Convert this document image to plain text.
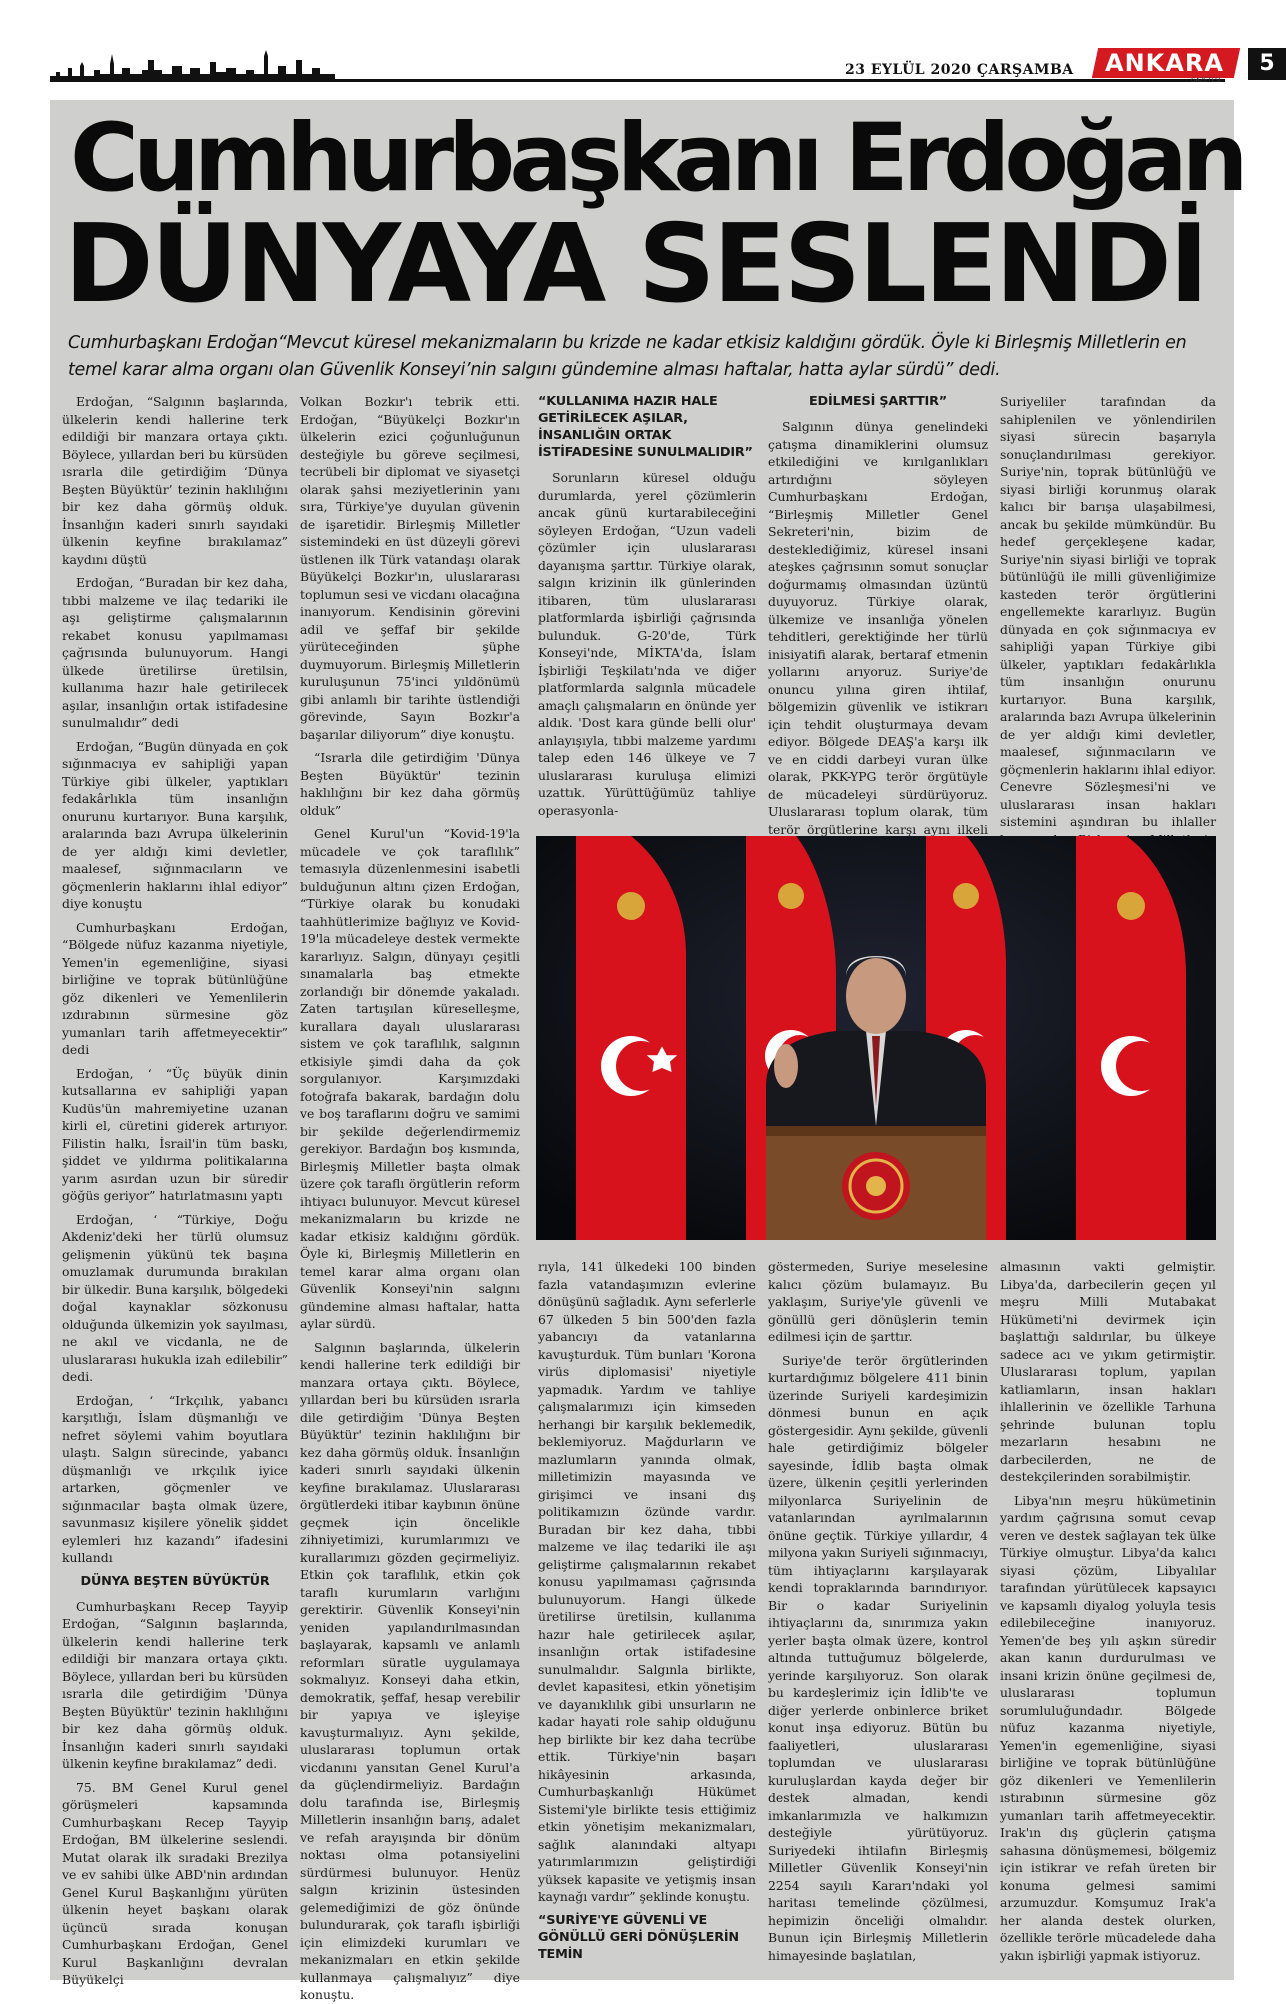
23 EYLÜL 2020 ÇARŞAMBA ANKARA
GAZETESİ
5
Cumhurbaşkanı Erdoğan
DÜNYAYA SESLENDİ
Cumhurbaşkanı Erdoğan“Mevcut küresel mekanizmaların bu krizde ne kadar etkisiz kaldığını gördük. Öyle ki Birleşmiş Milletlerin en temel karar alma organı olan Güvenlik Konseyi’nin salgını gündemine alması haftalar, hatta aylar sürdü” dedi.

Erdoğan, “Salgının başlarında, ülkelerin kendi hallerine terk edildiği bir manzara ortaya çıktı. Böylece, yıllardan beri bu kürsüden ısrarla dile getirdiğim ‘Dünya Beşten Büyüktür’ tezinin haklılığını bir kez daha görmüş olduk. İnsanlığın kaderi sınırlı sayıdaki ülkenin keyfine bırakılamaz” kaydını düştü

Erdoğan, “Buradan bir kez daha, tıbbi malzeme ve ilaç tedariki ile aşı geliştirme çalışmalarının rekabet konusu yapılmaması çağrısında bulunuyorum. Hangi ülkede üretilirse üretilsin, kullanıma hazır hale getirilecek aşılar, insanlığın ortak istifadesine sunulmalıdır” dedi

Erdoğan, “Bugün dünyada en çok sığınmacıya ev sahipliği yapan Türkiye gibi ülkeler, yaptıkları fedakârlıkla tüm insanlığın onurunu kurtarıyor. Buna karşılık, aralarında bazı Avrupa ülkelerinin de yer aldığı kimi devletler, maalesef, sığınmacıların ve göçmenlerin haklarını ihlal ediyor” diye konuştu

Cumhurbaşkanı Erdoğan, “Bölgede nüfuz kazanma niyetiyle, Yemen'in egemenliğine, siyasi birliğine ve toprak bütünlüğüne göz dikenleri ve Yemenlilerin ızdırabının sürmesine göz yumanları tarih affetmeyecektir” dedi

Erdoğan, ‘ “Üç büyük dinin kutsallarına ev sahipliği yapan Kudüs'ün mahremiyetine uzanan kirli el, cüretini giderek artırıyor. Filistin halkı, İsrail'in tüm baskı, şiddet ve yıldırma politikalarına yarım asırdan uzun bir süredir göğüs geriyor” hatırlatmasını yaptı

Erdoğan, ‘ “Türkiye, Doğu Akdeniz'deki her türlü olumsuz gelişmenin yükünü tek başına omuzlamak durumunda bırakılan bir ülkedir. Buna karşılık, bölgedeki doğal kaynaklar sözkonusu olduğunda ülkemizin yok sayılması, ne akıl ve vicdanla, ne de uluslararası hukukla izah edilebilir” dedi.

Erdoğan, ‘ “Irkçılık, yabancı karşıtlığı, İslam düşmanlığı ve nefret söylemi vahim boyutlara ulaştı. Salgın sürecinde, yabancı düşmanlığı ve ırkçılık iyice artarken, göçmenler ve sığınmacılar başta olmak üzere, savunmasız kişilere yönelik şiddet eylemleri hız kazandı” ifadesini kullandı

DÜNYA BEŞTEN BÜYÜKTÜR

Cumhurbaşkanı Recep Tayyip Erdoğan, “Salgının başlarında, ülkelerin kendi hallerine terk edildiği bir manzara ortaya çıktı. Böylece, yıllardan beri bu kürsüden ısrarla dile getirdiğim 'Dünya Beşten Büyüktür' tezinin haklılığını bir kez daha görmüş olduk. İnsanlığın kaderi sınırlı sayıdaki ülkenin keyfine bırakılamaz” dedi.

75. BM Genel Kurul genel görüşmeleri kapsamında Cumhurbaşkanı Recep Tayyip Erdoğan, BM ülkelerine seslendi. Mutat olarak ilk sıradaki Brezilya ve ev sahibi ülke ABD'nin ardından Genel Kurul Başkanlığını yürüten ülkenin heyet başkanı olarak üçüncü sırada konuşan Cumhurbaşkanı Erdoğan, Genel Kurul Başkanlığını devralan Büyükelçi

Volkan Bozkır'ı tebrik etti. Erdoğan, “Büyükelçi Bozkır'ın ülkelerin ezici çoğunluğunun desteğiyle bu göreve seçilmesi, tecrübeli bir diplomat ve siyasetçi olarak şahsi meziyetlerinin yanı sıra, Türkiye'ye duyulan güvenin de işaretidir. Birleşmiş Milletler sistemindeki en üst düzeyli görevi üstlenen ilk Türk vatandaşı olarak Büyükelçi Bozkır'ın, uluslararası toplumun sesi ve vicdanı olacağına inanıyorum. Kendisinin görevini adil ve şeffaf bir şekilde yürüteceğinden şüphe duymuyorum. Birleşmiş Milletlerin kuruluşunun 75'inci yıldönümü gibi anlamlı bir tarihte üstlendiği görevinde, Sayın Bozkır'a başarılar diliyorum” diye konuştu.

“Israrla dile getirdiğim 'Dünya Beşten Büyüktür' tezinin haklılığını bir kez daha görmüş olduk”

Genel Kurul'un “Kovid-19'la mücadele ve çok taraflılık” temasıyla düzenlenmesini isabetli bulduğunun altını çizen Erdoğan, “Türkiye olarak bu konudaki taahhütlerimize bağlıyız ve Kovid-19'la mücadeleye destek vermekte kararlıyız. Salgın, dünyayı çeşitli sınamalarla baş etmekte zorlandığı bir dönemde yakaladı. Zaten tartışılan küreselleşme, kurallara dayalı uluslararası sistem ve çok taraflılık, salgının etkisiyle şimdi daha da çok sorgulanıyor. Karşımızdaki fotoğrafa bakarak, bardağın dolu ve boş taraflarını doğru ve samimi bir şekilde değerlendirmemiz gerekiyor. Bardağın boş kısmında, Birleşmiş Milletler başta olmak üzere çok taraflı örgütlerin reform ihtiyacı bulunuyor. Mevcut küresel mekanizmaların bu krizde ne kadar etkisiz kaldığını gördük. Öyle ki, Birleşmiş Milletlerin en temel karar alma organı olan Güvenlik Konseyi'nin salgını gündemine alması haftalar, hatta aylar sürdü.

Salgının başlarında, ülkelerin kendi hallerine terk edildiği bir manzara ortaya çıktı. Böylece, yıllardan beri bu kürsüden ısrarla dile getirdiğim 'Dünya Beşten Büyüktür' tezinin haklılığını bir kez daha görmüş olduk. İnsanlığın kaderi sınırlı sayıdaki ülkenin keyfine bırakılamaz. Uluslararası örgütlerdeki itibar kaybının önüne geçmek için öncelikle zihniyetimizi, kurumlarımızı ve kurallarımızı gözden geçirmeliyiz. Etkin çok taraflılık, etkin çok taraflı kurumların varlığını gerektirir. Güvenlik Konseyi'nin yeniden yapılandırılmasından başlayarak, kapsamlı ve anlamlı reformları süratle uygulamaya sokmalıyız. Konseyi daha etkin, demokratik, şeffaf, hesap verebilir bir yapıya ve işleyişe kavuşturmalıyız. Aynı şekilde, uluslararası toplumun ortak vicdanını yansıtan Genel Kurul'a da güçlendirmeliyiz. Bardağın dolu tarafında ise, Birleşmiş Milletlerin insanlığın barış, adalet ve refah arayışında bir dönüm noktası olma potansiyelini sürdürmesi bulunuyor. Henüz salgın krizinin üstesinden gelemediğimizi de göz önünde bulundurarak, çok taraflı işbirliği için elimizdeki kurumları ve mekanizmaları en etkin şekilde kullanmaya çalışmalıyız” diye konuştu.

“KULLANIMA HAZIR HALE GETİRİLECEK AŞILAR, İNSANLIĞIN ORTAK İSTİFADESİNE SUNULMALIDIR”

Sorunların küresel olduğu durumlarda, yerel çözümlerin ancak günü kurtarabileceğini söyleyen Erdoğan, “Uzun vadeli çözümler için uluslararası dayanışma şarttır. Türkiye olarak, salgın krizinin ilk günlerinden itibaren, tüm uluslararası platformlarda işbirliği çağrısında bulunduk. G-20'de, Türk Konseyi'nde, MİKTA'da, İslam İşbirliği Teşkilatı'nda ve diğer platformlarda salgınla mücadele amaçlı çalışmaların en önünde yer aldık. 'Dost kara günde belli olur' anlayışıyla, tıbbi malzeme yardımı talep eden 146 ülkeye ve 7 uluslararası kuruluşa elimizi uzattık. Yürüttüğümüz tahliye operasyonla-

EDİLMESİ ŞARTTIR”

Salgının dünya genelindeki çatışma dinamiklerini olumsuz etkilediğini ve kırılganlıkları artırdığını söyleyen Cumhurbaşkanı Erdoğan, “Birleşmiş Milletler Genel Sekreteri'nin, bizim de desteklediğimiz, küresel insani ateşkes çağrısının somut sonuçlar doğurmamış olmasından üzüntü duyuyoruz. Türkiye olarak, ülkemize ve insanlığa yönelen tehditleri, gerektiğinde her türlü inisiyatifi alarak, bertaraf etmenin yollarını arıyoruz. Suriye'de onuncu yılına giren ihtilaf, bölgemizin güvenlik ve istikrarı için tehdit oluşturmaya devam ediyor. Bölgede DEAŞ'a karşı ilk ve en ciddi darbeyi vuran ülke olarak, PKK-YPG terör örgütüyle de mücadeleyi sürdürüyoruz. Uluslararası toplum olarak, tüm terör örgütlerine karşı aynı ilkeli

Suriyeliler tarafından da sahiplenilen ve yönlendirilen siyasi sürecin başarıyla sonuçlandırılması gerekiyor. Suriye'nin, toprak bütünlüğü ve siyasi birliği korunmuş olarak kalıcı bir barışa ulaşabilmesi, ancak bu şekilde mümkündür. Bu hedef gerçekleşene kadar, Suriye'nin siyasi birliği ve toprak bütünlüğü ile milli güvenliğimize kasteden terör örgütlerini engellemekte kararlıyız. Bugün dünyada en çok sığınmacıya ev sahipliği yapan Türkiye gibi ülkeler, yaptıkları fedakârlıkla tüm insanlığın onurunu kurtarıyor. Buna karşılık, aralarında bazı Avrupa ülkelerinin de yer aldığı kimi devletler, maalesef, sığınmacıların ve göçmenlerin haklarını ihlal ediyor. Cenevre Sözleşmesi'ni ve uluslararası insan hakları sistemini aşındıran bu ihlaller

rıyla, 141 ülkedeki 100 binden fazla vatandaşımızın evlerine dönüşünü sağladık. Aynı seferlerle 67 ülkeden 5 bin 500'den fazla yabancıyı da vatanlarına kavuşturduk. Tüm bunları 'Korona virüs diplomasisi' niyetiyle yapmadık. Yardım ve tahliye çalışmalarımızı için kimseden herhangi bir karşılık beklemedik, beklemiyoruz. Mağdurların ve mazlumların yanında olmak, milletimizin mayasında ve girişimci ve insani dış politikamızın özünde vardır. Buradan bir kez daha, tıbbi malzeme ve ilaç tedariki ile aşı geliştirme çalışmalarının rekabet konusu yapılmaması çağrısında bulunuyorum. Hangi ülkede üretilirse üretilsin, kullanıma hazır hale getirilecek aşılar, insanlığın ortak istifadesine sunulmalıdır. Salgınla birlikte, devlet kapasitesi, etkin yönetişim ve dayanıklılık gibi unsurların ne kadar hayati role sahip olduğunu hep birlikte bir kez daha tecrübe ettik. Türkiye'nin başarı hikâyesinin arkasında, Cumhurbaşkanlığı Hükümet Sistemi'yle birlikte tesis ettiğimiz etkin yönetişim mekanizmaları, sağlık alanındaki altyapı yatırımlarımızın geliştirdiği yüksek kapasite ve yetişmiş insan kaynağı vardır” şeklinde konuştu.

“SURİYE'YE GÜVENLİ VE GÖNÜLLÜ GERİ DÖNÜŞLERİN TEMİN

göstermeden, Suriye meselesine kalıcı çözüm bulamayız. Bu yaklaşım, Suriye'yle güvenli ve gönüllü geri dönüşlerin temin edilmesi için de şarttır.

Suriye'de terör örgütlerinden kurtardığımız bölgelere 411 binin üzerinde Suriyeli kardeşimizin dönmesi bunun en açık göstergesidir. Aynı şekilde, güvenli hale getirdiğimiz bölgeler sayesinde, İdlib başta olmak üzere, ülkenin çeşitli yerlerinden milyonlarca Suriyelinin de vatanlarından ayrılmalarının önüne geçtik. Türkiye yıllardır, 4 milyona yakın Suriyeli sığınmacıyı, tüm ihtiyaçlarını karşılayarak kendi topraklarında barındırıyor. Bir o kadar Suriyelinin ihtiyaçlarını da, sınırımıza yakın yerler başta olmak üzere, kontrol altında tuttuğumuz bölgelerde, yerinde karşılıyoruz. Son olarak bu kardeşlerimiz için İdlib'te ve diğer yerlerde onbinlerce briket konut inşa ediyoruz. Bütün bu faaliyetleri, uluslararası toplumdan ve uluslararası kuruluşlardan kayda değer bir destek almadan, kendi imkanlarımızla ve halkımızın desteğiyle yürütüyoruz. Suriyedeki ihtilafın Birleşmiş Milletler Güvenlik Konseyi'nin 2254 sayılı Kararı'ndaki yol haritası temelinde çözülmesi, hepimizin önceliği olmalıdır. Bunun için Birleşmiş Milletlerin himayesinde başlatılan,

almasının vakti gelmiştir. Libya'da, darbecilerin geçen yıl meşru Milli Mutabakat Hükümeti'ni devirmek için başlattığı saldırılar, bu ülkeye sadece acı ve yıkım getirmiştir. Uluslararası toplum, yapılan katliamların, insan hakları ihlallerinin ve özellikle Tarhuna şehrinde bulunan toplu mezarların hesabını ne darbecilerden, ne de destekçilerinden sorabilmiştir.

Libya'nın meşru hükümetinin yardım çağrısına somut cevap veren ve destek sağlayan tek ülke Türkiye olmuştur. Libya'da kalıcı siyasi çözüm, Libyalılar tarafından yürütülecek kapsayıcı ve kapsamlı diyalog yoluyla tesis edilebileceğine inanıyoruz. Yemen'de beş yılı aşkın süredir akan kanın durdurulması ve insani krizin önüne geçilmesi de, uluslararası toplumun sorumluluğundadır. Bölgede nüfuz kazanma niyetiyle, Yemen'in egemenliğine, siyasi birliğine ve toprak bütünlüğüne göz dikenleri ve Yemenlilerin ıstırabının sürmesine göz yumanları tarih affetmeyecektir. Irak'ın dış güçlerin çatışma sahasına dönüşmemesi, bölgemiz için istikrar ve refah üreten bir konuma gelmesi samimi arzumuzdur. Komşumuz Irak'a her alanda destek olurken, özellikle terörle mücadelede daha yakın işbirliği yapmak istiyoruz.
